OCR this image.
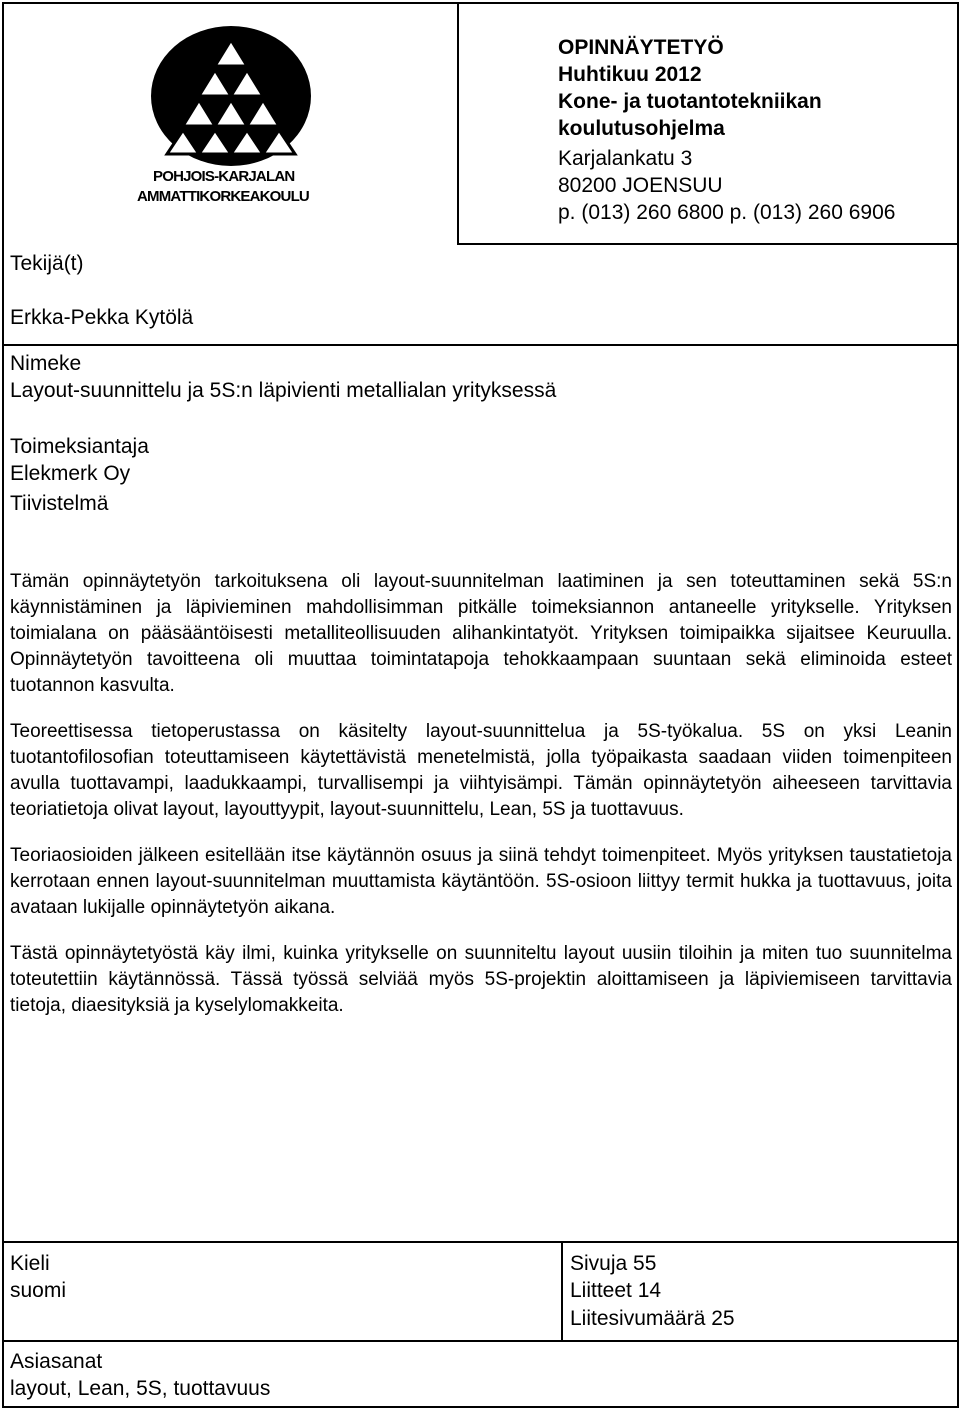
POHJOIS-KARJALAN
AMMATTIKORKEAKOULU
OPINNÄYTETYÖ
Huhtikuu 2012
Kone- ja tuotantotekniikan
koulutusohjelma
Karjalankatu 3
80200 JOENSUU
p. (013) 260 6800 p. (013) 260 6906
Tekijä(t)
Erkka-Pekka Kytölä
Nimeke
Layout-suunnittelu ja 5S:n läpivienti metallialan yrityksessä
Toimeksiantaja
Elekmerk Oy
Tiivistelmä

Tämän opinnäytetyön tarkoituksena oli layout-suunnitelman laatiminen ja sen toteuttaminen sekä 5S:n käynnistäminen ja läpivieminen mahdollisimman pitkälle toimeksiannon antaneelle yritykselle. Yrityksen toimialana on pääsääntöisesti metalliteollisuuden alihankintatyöt. Yrityksen toimipaikka sijaitsee Keuruulla. Opinnäytetyön tavoitteena oli muuttaa toimintatapoja tehokkaampaan suuntaan sekä eliminoida esteet tuotannon kasvulta.

Teoreettisessa tietoperustassa on käsitelty layout-suunnittelua ja 5S-työkalua. 5S on yksi Leanin tuotantofilosofian toteuttamiseen käytettävistä menetelmistä, jolla työpaikasta saadaan viiden toimenpiteen avulla tuottavampi, laadukkaampi, turvallisempi ja viihtyisämpi. Tämän opinnäytetyön aiheeseen tarvittavia teoriatietoja olivat layout, layouttyypit, layout-suunnittelu, Lean, 5S ja tuottavuus.

Teoriaosioiden jälkeen esitellään itse käytännön osuus ja siinä tehdyt toimenpiteet. Myös yrityksen taustatietoja kerrotaan ennen layout-suunnitelman muuttamista käytäntöön. 5S-osioon liittyy termit hukka ja tuottavuus, joita avataan lukijalle opinnäytetyön aikana.

Tästä opinnäytetyöstä käy ilmi, kuinka yritykselle on suunniteltu layout uusiin tiloihin ja miten tuo suunnitelma toteutettiin käytännössä. Tässä työssä selviää myös 5S-projektin aloittamiseen ja läpiviemiseen tarvittavia tietoja, diaesityksiä ja kyselylomakkeita.

Kieli
suomi
Sivuja 55
Liitteet 14
Liitesivumäärä 25
Asiasanat
layout, Lean, 5S, tuottavuus
